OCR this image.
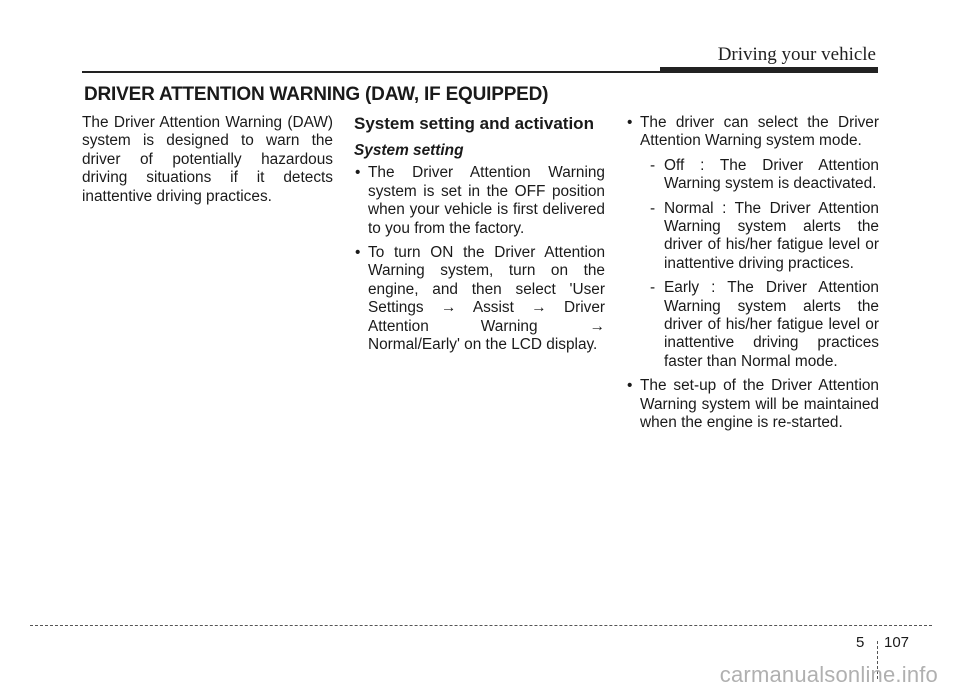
Driving your vehicle
DRIVER ATTENTION WARNING (DAW, IF EQUIPPED)

The Driver Attention Warning (DAW) system is designed to warn the driver of potentially hazardous driving situations if it detects inattentive driving practices.

System setting and activation
System setting
• The Driver Attention Warning system is set in the OFF position when your vehicle is first delivered to you from the factory.
• To turn ON the Driver Attention Warning system, turn on the engine, and then select 'User Settings → Assist → Driver Attention Warning → Normal/Early' on the LCD display.
• The driver can select the Driver Attention Warning system mode.
- Off : The Driver Attention Warning system is deactivated.
- Normal : The Driver Attention Warning system alerts the driver of his/her fatigue level or inattentive driving practices.
- Early : The Driver Attention Warning system alerts the driver of his/her fatigue level or inattentive driving practices faster than Normal mode.
• The set-up of the Driver Attention Warning system will be maintained when the engine is re-started.
5 107
carmanualsonline.info
